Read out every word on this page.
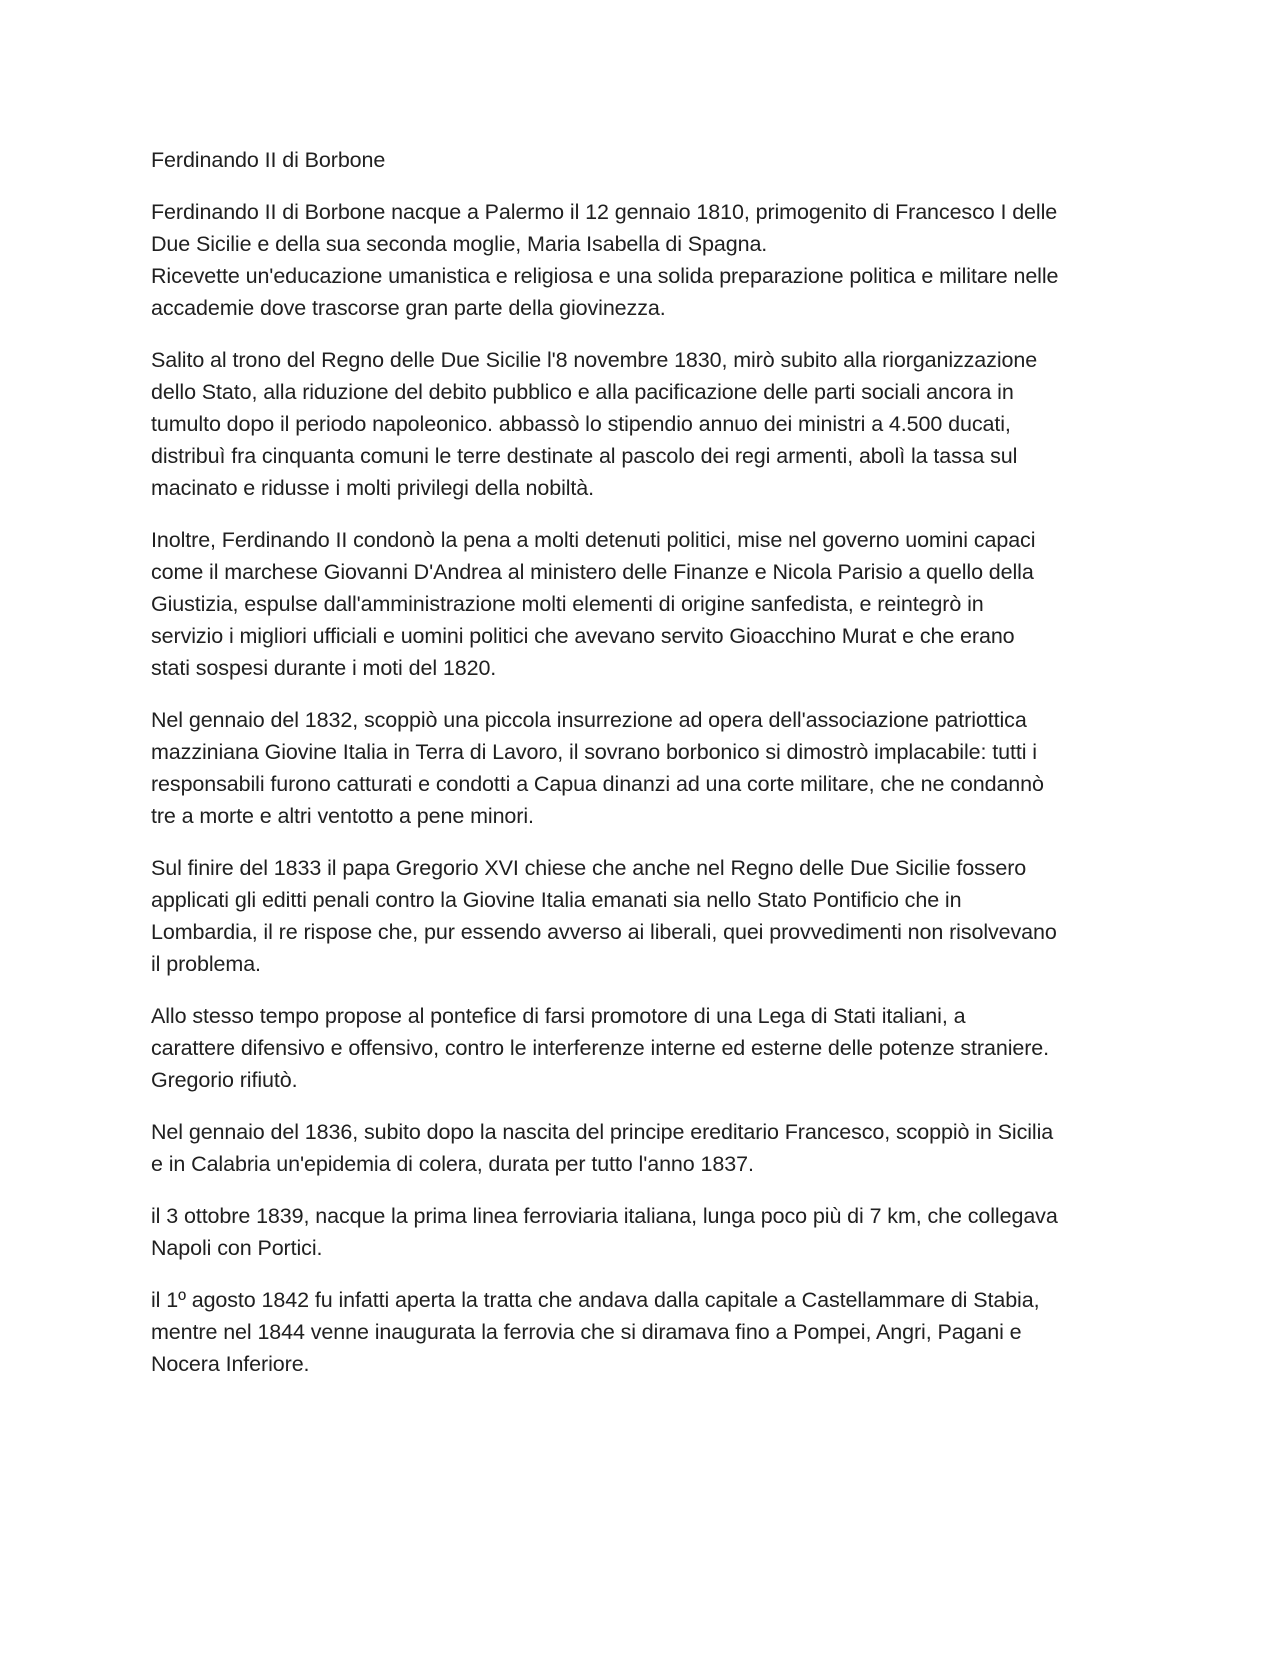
Ferdinando II di Borbone

Ferdinando II di Borbone nacque a Palermo il 12 gennaio 1810, primogenito di Francesco I delle
Due Sicilie e della sua seconda moglie, Maria Isabella di Spagna.
Ricevette un'educazione umanistica e religiosa e una solida preparazione politica e militare nelle
accademie dove trascorse gran parte della giovinezza.

Salito al trono del Regno delle Due Sicilie l'8 novembre 1830, mirò subito alla riorganizzazione
dello Stato, alla riduzione del debito pubblico e alla pacificazione delle parti sociali ancora in
tumulto dopo il periodo napoleonico. abbassò lo stipendio annuo dei ministri a 4.500 ducati,
distribuì fra cinquanta comuni le terre destinate al pascolo dei regi armenti, abolì la tassa sul
macinato e ridusse i molti privilegi della nobiltà.

Inoltre, Ferdinando II condonò la pena a molti detenuti politici, mise nel governo uomini capaci
come il marchese Giovanni D'Andrea al ministero delle Finanze e Nicola Parisio a quello della
Giustizia, espulse dall'amministrazione molti elementi di origine sanfedista, e reintegrò in
servizio i migliori ufficiali e uomini politici che avevano servito Gioacchino Murat e che erano
stati sospesi durante i moti del 1820.

Nel gennaio del 1832, scoppiò una piccola insurrezione ad opera dell'associazione patriottica
mazziniana Giovine Italia in Terra di Lavoro, il sovrano borbonico si dimostrò implacabile: tutti i
responsabili furono catturati e condotti a Capua dinanzi ad una corte militare, che ne condannò
tre a morte e altri ventotto a pene minori.

Sul finire del 1833 il papa Gregorio XVI chiese che anche nel Regno delle Due Sicilie fossero
applicati gli editti penali contro la Giovine Italia emanati sia nello Stato Pontificio che in
Lombardia, il re rispose che, pur essendo avverso ai liberali, quei provvedimenti non risolvevano
il problema.

Allo stesso tempo propose al pontefice di farsi promotore di una Lega di Stati italiani, a
carattere difensivo e offensivo, contro le interferenze interne ed esterne delle potenze straniere.
Gregorio rifiutò.

Nel gennaio del 1836, subito dopo la nascita del principe ereditario Francesco, scoppiò in Sicilia
e in Calabria un'epidemia di colera, durata per tutto l'anno 1837.

il 3 ottobre 1839, nacque la prima linea ferroviaria italiana, lunga poco più di 7 km, che collegava
Napoli con Portici.

il 1º agosto 1842 fu infatti aperta la tratta che andava dalla capitale a Castellammare di Stabia,
mentre nel 1844 venne inaugurata la ferrovia che si diramava fino a Pompei, Angri, Pagani e
Nocera Inferiore.
